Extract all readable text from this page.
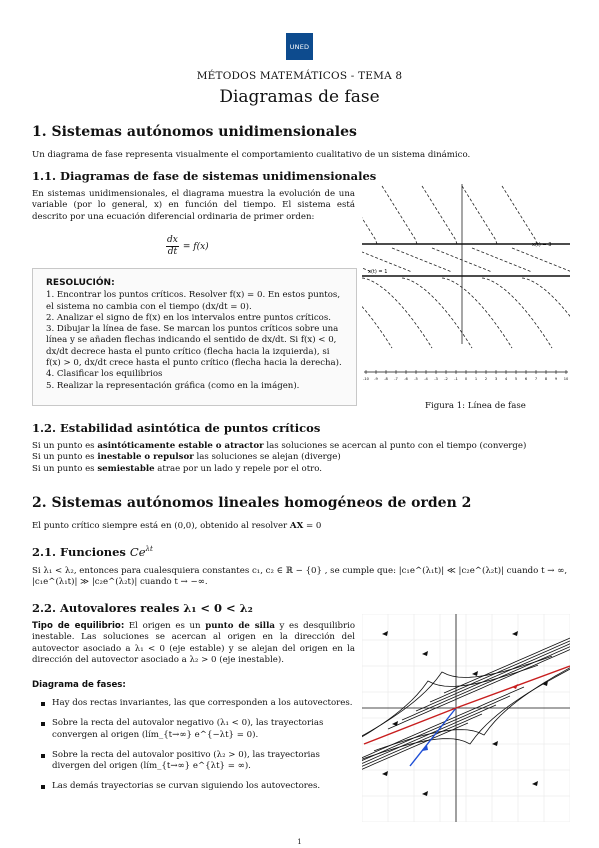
UNED
MÉTODOS MATEMÁTICOS - TEMA 8
Diagramas de fase
1. Sistemas autónomos unidimensionales
Un diagrama de fase representa visualmente el comportamiento cualitativo de un sistema dinámico.
1.1. Diagramas de fase de sistemas unidimensionales
En sistemas unidimensionales, el diagrama muestra la evolución de una variable (por lo general, x) en función del tiempo. El sistema está descrito por una ecuación diferencial ordinaria de primer orden:
$\frac{dx}{dt} = f(x)$
RESOLUCIÓN:
1. Encontrar los puntos críticos. Resolver f(x) = 0. En estos puntos, el sistema no cambia con el tiempo (dx/dt = 0).
2. Analizar el signo de f(x) en los intervalos entre puntos críticos.
3. Dibujar la línea de fase. Se marcan los puntos críticos sobre una línea y se añaden flechas indicando el sentido de dx/dt. Si f(x) < 0, dx/dt decrece hasta el punto crítico (flecha hacia la izquierda), si f(x) > 0, dx/dt crece hasta el punto crítico (flecha hacia la derecha).
4. Clasificar los equilibrios
5. Realizar la representación gráfica (como en la imágen).
x(t) = 3
x(t) = 1
-10 -9 -8 -7 -6 -5 -4 -3 -2 -1 0 1 2 3 4 5 6 7 8 9 10
Figura 1: Línea de fase
1.2. Estabilidad asintótica de puntos críticos
Si un punto es asintóticamente estable o atractor las soluciones se acercan al punto con el tiempo (converge)
Si un punto es inestable o repulsor las soluciones se alejan (diverge)
Si un punto es semiestable atrae por un lado y repele por el otro.
2. Sistemas autónomos lineales homogéneos de orden 2
El punto crítico siempre está en (0,0), obtenido al resolver AX = 0
2.1. Funciones $Ce^{\lambda t}$
Si λ₁ < λ₂, entonces para cualesquiera constantes c₁, c₂ ∈ ℝ − {0} , se cumple que: |c₁e^(λ₁t)| ≪ |c₂e^(λ₂t)| cuando t → ∞, |c₁e^(λ₁t)| ≫ |c₂e^(λ₂t)| cuando t → −∞.
2.2. Autovalores reales λ₁ < 0 < λ₂
Tipo de equilibrio: El origen es un punto de silla y es desquilibrio inestable. Las soluciones se acercan al origen en la dirección del autovector asociado a λ₁ < 0 (eje estable) y se alejan del origen en la dirección del autovector asociado a λ₂ > 0 (eje inestable).
Diagrama de fases:
Hay dos rectas invariantes, las que corresponden a los autovectores.
Sobre la recta del autovalor negativo (λ₁ < 0), las trayectorias convergen al origen (lím_{t→∞} e^{−λt} = 0).
Sobre la recta del autovalor positivo (λ₂ > 0), las trayectorias divergen del origen (lím_{t→∞} e^{λt} = ∞).
Las demás trayectorias se curvan siguiendo los autovectores.
1
